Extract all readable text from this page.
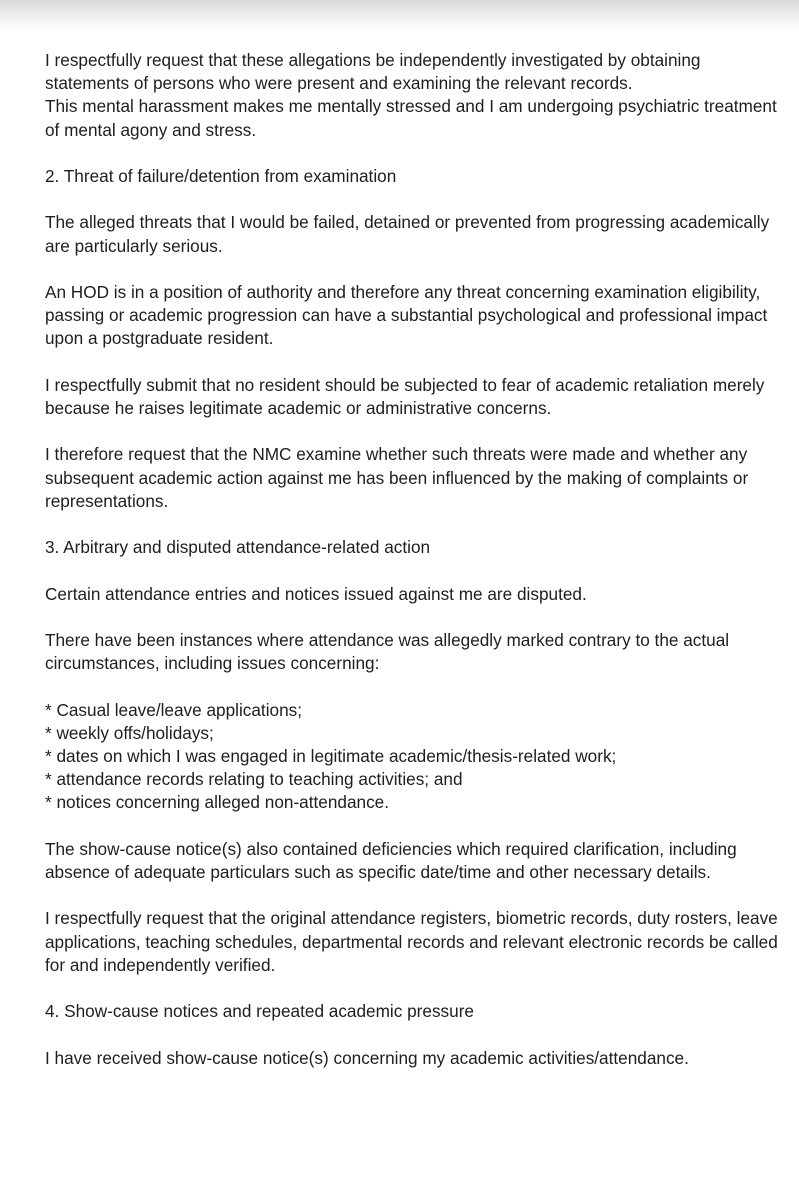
I respectfully request that these allegations be independently investigated by obtaining statements of persons who were present and examining the relevant records.
This mental harassment makes me mentally stressed and I am undergoing psychiatric treatment of mental agony and stress.

2. Threat of failure/detention from examination

The alleged threats that I would be failed, detained or prevented from progressing academically are particularly serious.

An HOD is in a position of authority and therefore any threat concerning examination eligibility, passing or academic progression can have a substantial psychological and professional impact upon a postgraduate resident.

I respectfully submit that no resident should be subjected to fear of academic retaliation merely because he raises legitimate academic or administrative concerns.

I therefore request that the NMC examine whether such threats were made and whether any subsequent academic action against me has been influenced by the making of complaints or representations.

3. Arbitrary and disputed attendance-related action

Certain attendance entries and notices issued against me are disputed.

There have been instances where attendance was allegedly marked contrary to the actual circumstances, including issues concerning:

* Casual leave/leave applications;
* weekly offs/holidays;
* dates on which I was engaged in legitimate academic/thesis-related work;
* attendance records relating to teaching activities; and
* notices concerning alleged non-attendance.

The show-cause notice(s) also contained deficiencies which required clarification, including absence of adequate particulars such as specific date/time and other necessary details.

I respectfully request that the original attendance registers, biometric records, duty rosters, leave applications, teaching schedules, departmental records and relevant electronic records be called for and independently verified.

4. Show-cause notices and repeated academic pressure

I have received show-cause notice(s) concerning my academic activities/attendance.
